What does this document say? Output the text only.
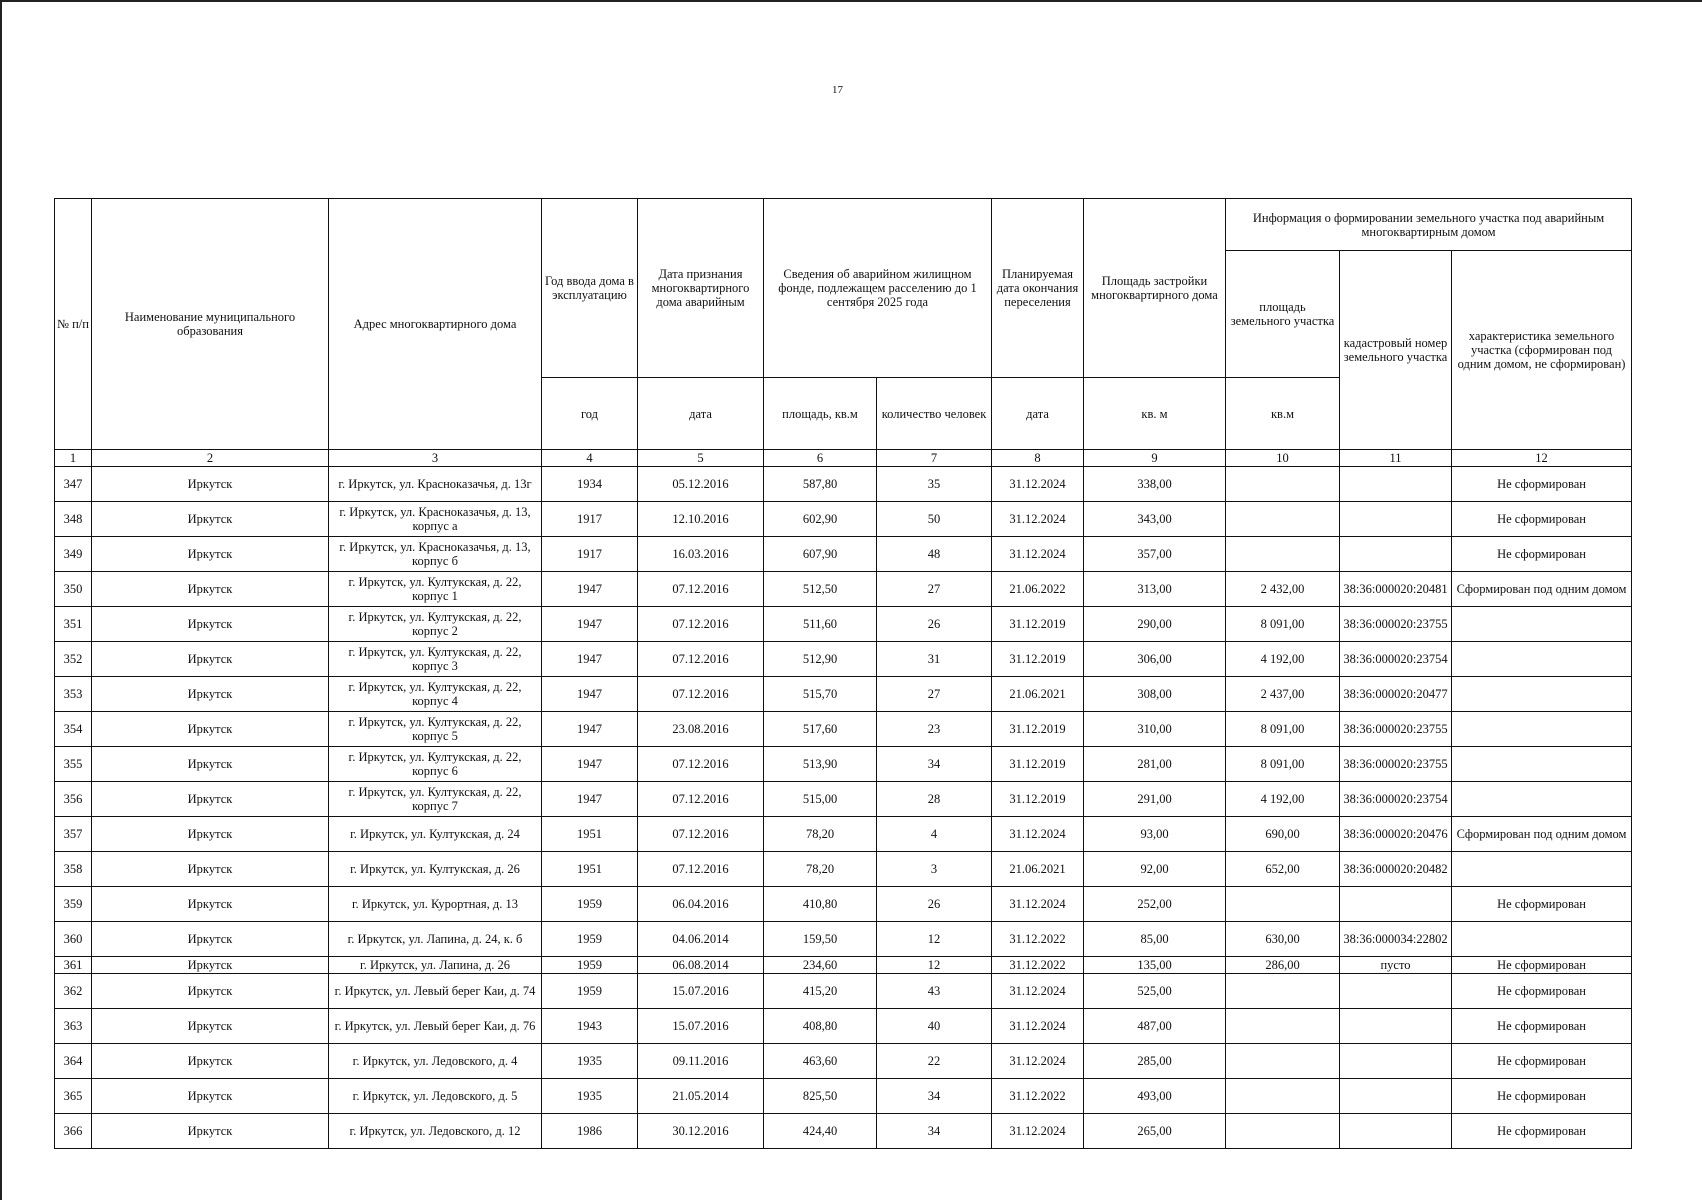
17
№ п/п	Наименование муниципального образования	Адрес многоквартирного дома	Год ввода дома в эксплуатацию	Дата признания многоквартирного дома аварийным	Сведения об аварийном жилищном фонде, подлежащем расселению до 1 сентября 2025 года		Планируемая дата окончания переселения	Площадь застройки многоквартирного дома	Информация о формировании земельного участка под аварийным многоквартирным домом		
									площадь земельного участка	кадастровый номер земельного участка	характеристика земельного участка (сформирован под одним домом, не сформирован)
			год	дата	площадь, кв.м	количество человек	дата	кв. м	кв.м		
1	2	3	4	5	6	7	8	9	10	11	12
347	Иркутск	г. Иркутск, ул. Красноказачья, д. 13г	1934	05.12.2016	587,80	35	31.12.2024	338,00			Не сформирован
348	Иркутск	г. Иркутск, ул. Красноказачья, д. 13, корпус а	1917	12.10.2016	602,90	50	31.12.2024	343,00			Не сформирован
349	Иркутск	г. Иркутск, ул. Красноказачья, д. 13, корпус б	1917	16.03.2016	607,90	48	31.12.2024	357,00			Не сформирован
350	Иркутск	г. Иркутск, ул. Култукская, д. 22, корпус 1	1947	07.12.2016	512,50	27	21.06.2022	313,00	2 432,00	38:36:000020:20481	Сформирован под одним домом
351	Иркутск	г. Иркутск, ул. Култукская, д. 22, корпус 2	1947	07.12.2016	511,60	26	31.12.2019	290,00	8 091,00	38:36:000020:23755	
352	Иркутск	г. Иркутск, ул. Култукская, д. 22, корпус 3	1947	07.12.2016	512,90	31	31.12.2019	306,00	4 192,00	38:36:000020:23754	
353	Иркутск	г. Иркутск, ул. Култукская, д. 22, корпус 4	1947	07.12.2016	515,70	27	21.06.2021	308,00	2 437,00	38:36:000020:20477	
354	Иркутск	г. Иркутск, ул. Култукская, д. 22, корпус 5	1947	23.08.2016	517,60	23	31.12.2019	310,00	8 091,00	38:36:000020:23755	
355	Иркутск	г. Иркутск, ул. Култукская, д. 22, корпус 6	1947	07.12.2016	513,90	34	31.12.2019	281,00	8 091,00	38:36:000020:23755	
356	Иркутск	г. Иркутск, ул. Култукская, д. 22, корпус 7	1947	07.12.2016	515,00	28	31.12.2019	291,00	4 192,00	38:36:000020:23754	
357	Иркутск	г. Иркутск, ул. Култукская, д. 24	1951	07.12.2016	78,20	4	31.12.2024	93,00	690,00	38:36:000020:20476	Сформирован под одним домом
358	Иркутск	г. Иркутск, ул. Култукская, д. 26	1951	07.12.2016	78,20	3	21.06.2021	92,00	652,00	38:36:000020:20482	
359	Иркутск	г. Иркутск, ул. Курортная, д. 13	1959	06.04.2016	410,80	26	31.12.2024	252,00			Не сформирован
360	Иркутск	г. Иркутск, ул. Лапина, д. 24, к. б	1959	04.06.2014	159,50	12	31.12.2022	85,00	630,00	38:36:000034:22802	
361	Иркутск	г. Иркутск, ул. Лапина, д. 26	1959	06.08.2014	234,60	12	31.12.2022	135,00	286,00	пусто	Не сформирован
362	Иркутск	г. Иркутск, ул. Левый берег Каи, д. 74	1959	15.07.2016	415,20	43	31.12.2024	525,00			Не сформирован
363	Иркутск	г. Иркутск, ул. Левый берег Каи, д. 76	1943	15.07.2016	408,80	40	31.12.2024	487,00			Не сформирован
364	Иркутск	г. Иркутск, ул. Ледовского, д. 4	1935	09.11.2016	463,60	22	31.12.2024	285,00			Не сформирован
365	Иркутск	г. Иркутск, ул. Ледовского, д. 5	1935	21.05.2014	825,50	34	31.12.2022	493,00			Не сформирован
366	Иркутск	г. Иркутск, ул. Ледовского, д. 12	1986	30.12.2016	424,40	34	31.12.2024	265,00			Не сформирован
